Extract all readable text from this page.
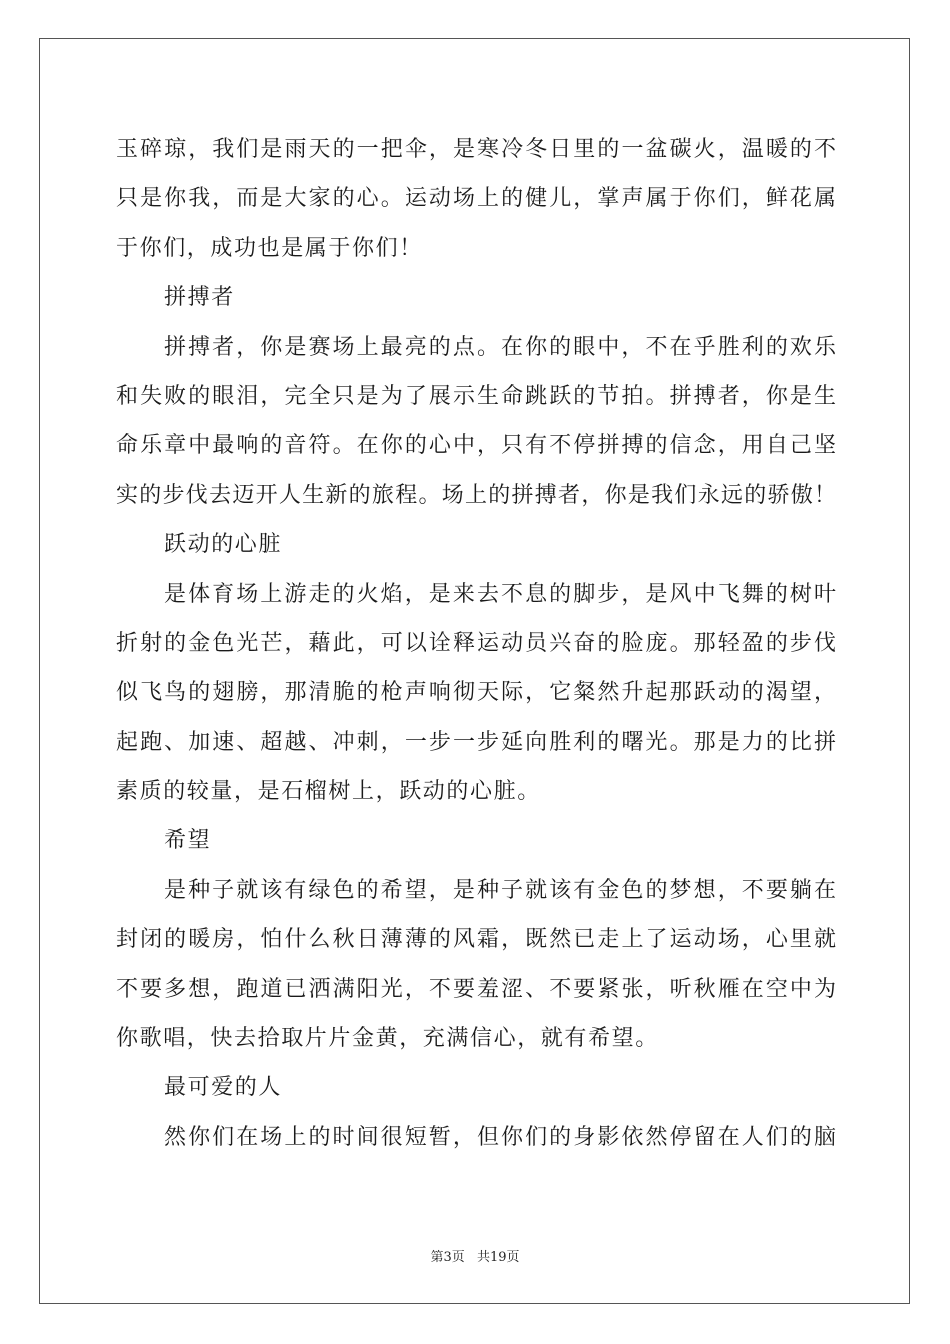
玉碎琼，我们是雨天的一把伞，是寒冷冬日里的一盆碳火，温暖的不
只是你我，而是大家的心。运动场上的健儿，掌声属于你们，鲜花属
于你们，成功也是属于你们！
拼搏者
拼搏者，你是赛场上最亮的点。在你的眼中，不在乎胜利的欢乐
和失败的眼泪，完全只是为了展示生命跳跃的节拍。拼搏者，你是生
命乐章中最响的音符。在你的心中，只有不停拼搏的信念，用自己坚
实的步伐去迈开人生新的旅程。场上的拼搏者，你是我们永远的骄傲！
跃动的心脏
是体育场上游走的火焰，是来去不息的脚步，是风中飞舞的树叶
折射的金色光芒，藉此，可以诠释运动员兴奋的脸庞。那轻盈的步伐
似飞鸟的翅膀，那清脆的枪声响彻天际，它粲然升起那跃动的渴望，
起跑、加速、超越、冲刺，一步一步延向胜利的曙光。那是力的比拼
素质的较量，是石榴树上，跃动的心脏。
希望
是种子就该有绿色的希望，是种子就该有金色的梦想，不要躺在
封闭的暖房，怕什么秋日薄薄的风霜，既然已走上了运动场，心里就
不要多想，跑道已洒满阳光，不要羞涩、不要紧张，听秋雁在空中为
你歌唱，快去拾取片片金黄，充满信心，就有希望。
最可爱的人
然你们在场上的时间很短暂，但你们的身影依然停留在人们的脑
第3页 共19页
